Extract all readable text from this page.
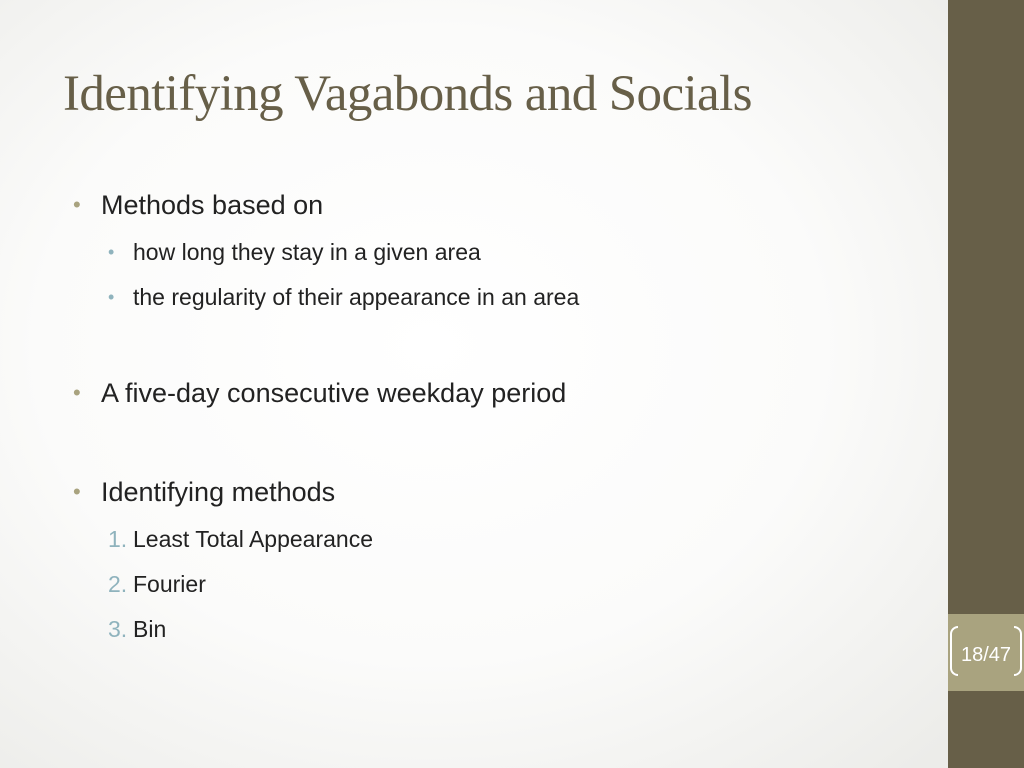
Identifying Vagabonds and Socials
• Methods based on
• how long they stay in a given area
• the regularity of their appearance in an area
• A five-day consecutive weekday period
• Identifying methods
1. Least Total Appearance
2. Fourier
3. Bin
18/47
